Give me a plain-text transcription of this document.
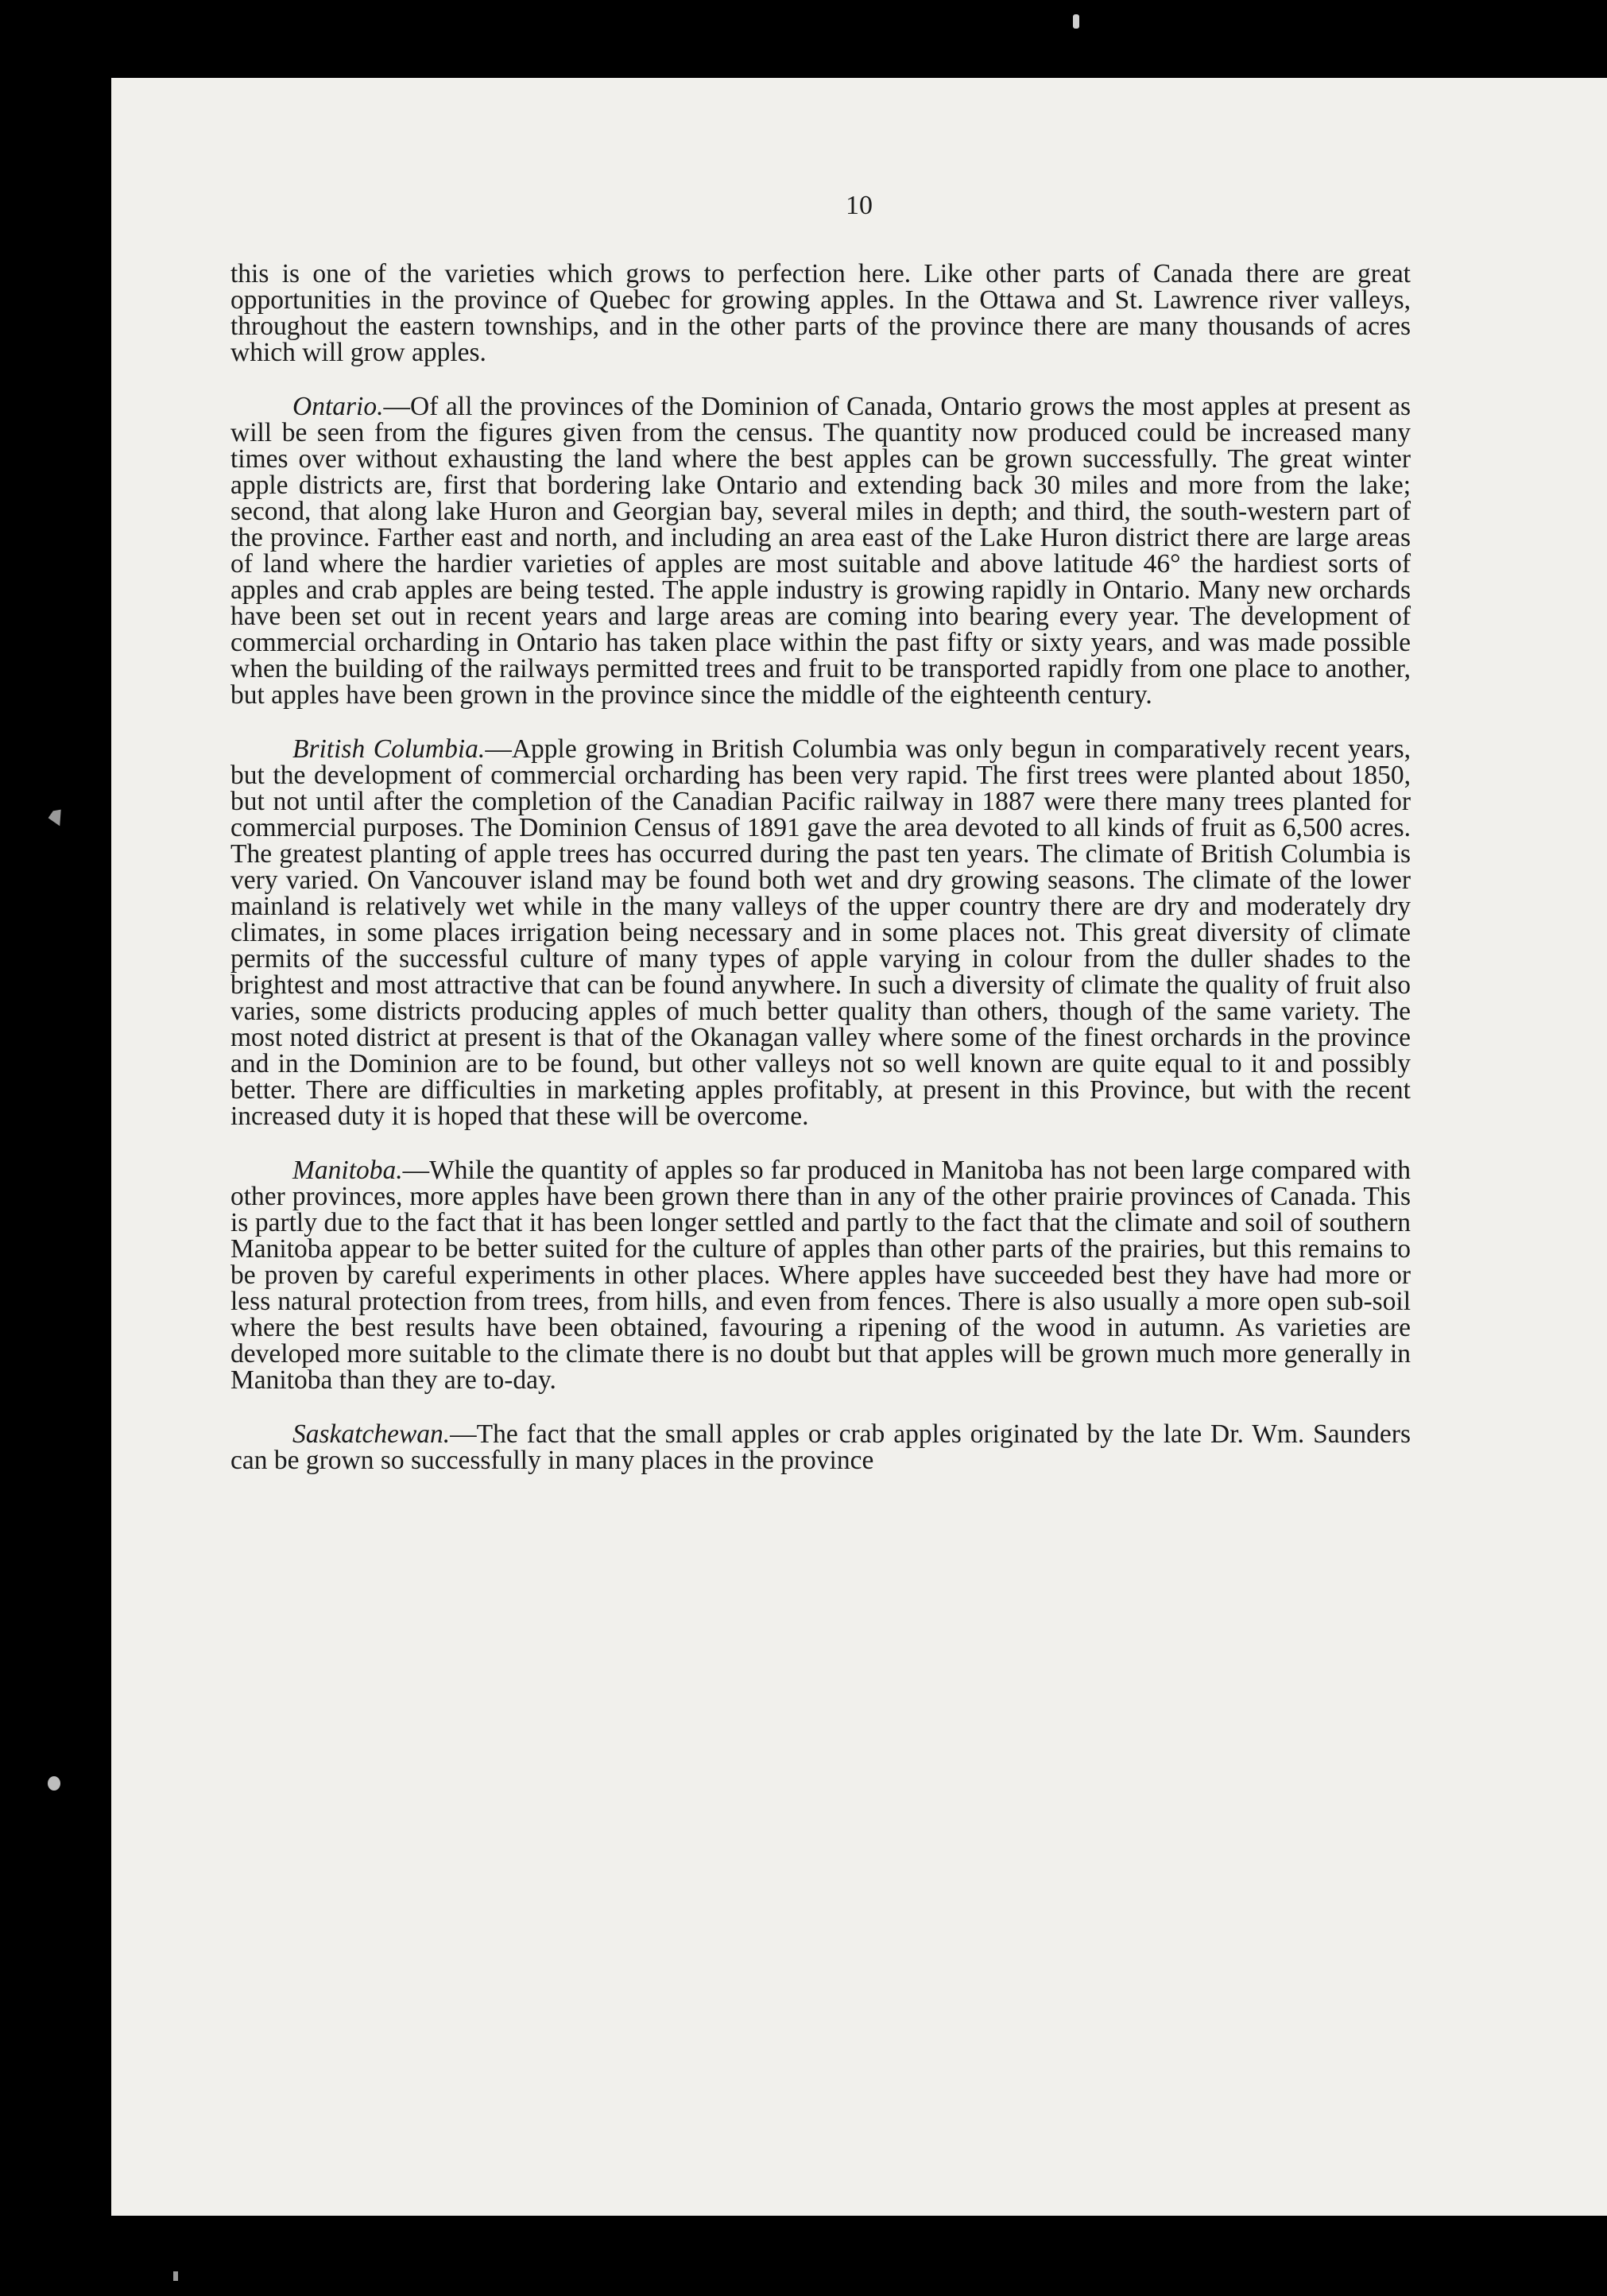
10

this is one of the varieties which grows to perfection here. Like other parts of Canada there are great opportunities in the province of Quebec for growing apples. In the Ottawa and St. Lawrence river valleys, throughout the eastern townships, and in the other parts of the province there are many thousands of acres which will grow apples.

Ontario.—Of all the provinces of the Dominion of Canada, Ontario grows the most apples at present as will be seen from the figures given from the census. The quantity now produced could be increased many times over without exhausting the land where the best apples can be grown successfully. The great winter apple districts are, first that bordering lake Ontario and extending back 30 miles and more from the lake; second, that along lake Huron and Georgian bay, several miles in depth; and third, the south-western part of the province. Farther east and north, and including an area east of the Lake Huron district there are large areas of land where the hardier varieties of apples are most suitable and above latitude 46° the hardiest sorts of apples and crab apples are being tested. The apple industry is growing rapidly in Ontario. Many new orchards have been set out in recent years and large areas are coming into bearing every year. The development of commercial orcharding in Ontario has taken place within the past fifty or sixty years, and was made possible when the building of the railways permitted trees and fruit to be transported rapidly from one place to another, but apples have been grown in the province since the middle of the eighteenth century.

British Columbia.—Apple growing in British Columbia was only begun in comparatively recent years, but the development of commercial orcharding has been very rapid. The first trees were planted about 1850, but not until after the completion of the Canadian Pacific railway in 1887 were there many trees planted for commercial purposes. The Dominion Census of 1891 gave the area devoted to all kinds of fruit as 6,500 acres. The greatest planting of apple trees has occurred during the past ten years. The climate of British Columbia is very varied. On Vancouver island may be found both wet and dry growing seasons. The climate of the lower mainland is relatively wet while in the many valleys of the upper country there are dry and moderately dry climates, in some places irrigation being necessary and in some places not. This great diversity of climate permits of the successful culture of many types of apple varying in colour from the duller shades to the brightest and most attractive that can be found anywhere. In such a diversity of climate the quality of fruit also varies, some districts producing apples of much better quality than others, though of the same variety. The most noted district at present is that of the Okanagan valley where some of the finest orchards in the province and in the Dominion are to be found, but other valleys not so well known are quite equal to it and possibly better. There are difficulties in marketing apples profitably, at present in this Province, but with the recent increased duty it is hoped that these will be overcome.

Manitoba.—While the quantity of apples so far produced in Manitoba has not been large compared with other provinces, more apples have been grown there than in any of the other prairie provinces of Canada. This is partly due to the fact that it has been longer settled and partly to the fact that the climate and soil of southern Manitoba appear to be better suited for the culture of apples than other parts of the prairies, but this remains to be proven by careful experiments in other places. Where apples have succeeded best they have had more or less natural protection from trees, from hills, and even from fences. There is also usually a more open sub-soil where the best results have been obtained, favouring a ripening of the wood in autumn. As varieties are developed more suitable to the climate there is no doubt but that apples will be grown much more generally in Manitoba than they are to-day.

Saskatchewan.—The fact that the small apples or crab apples originated by the late Dr. Wm. Saunders can be grown so successfully in many places in the province
